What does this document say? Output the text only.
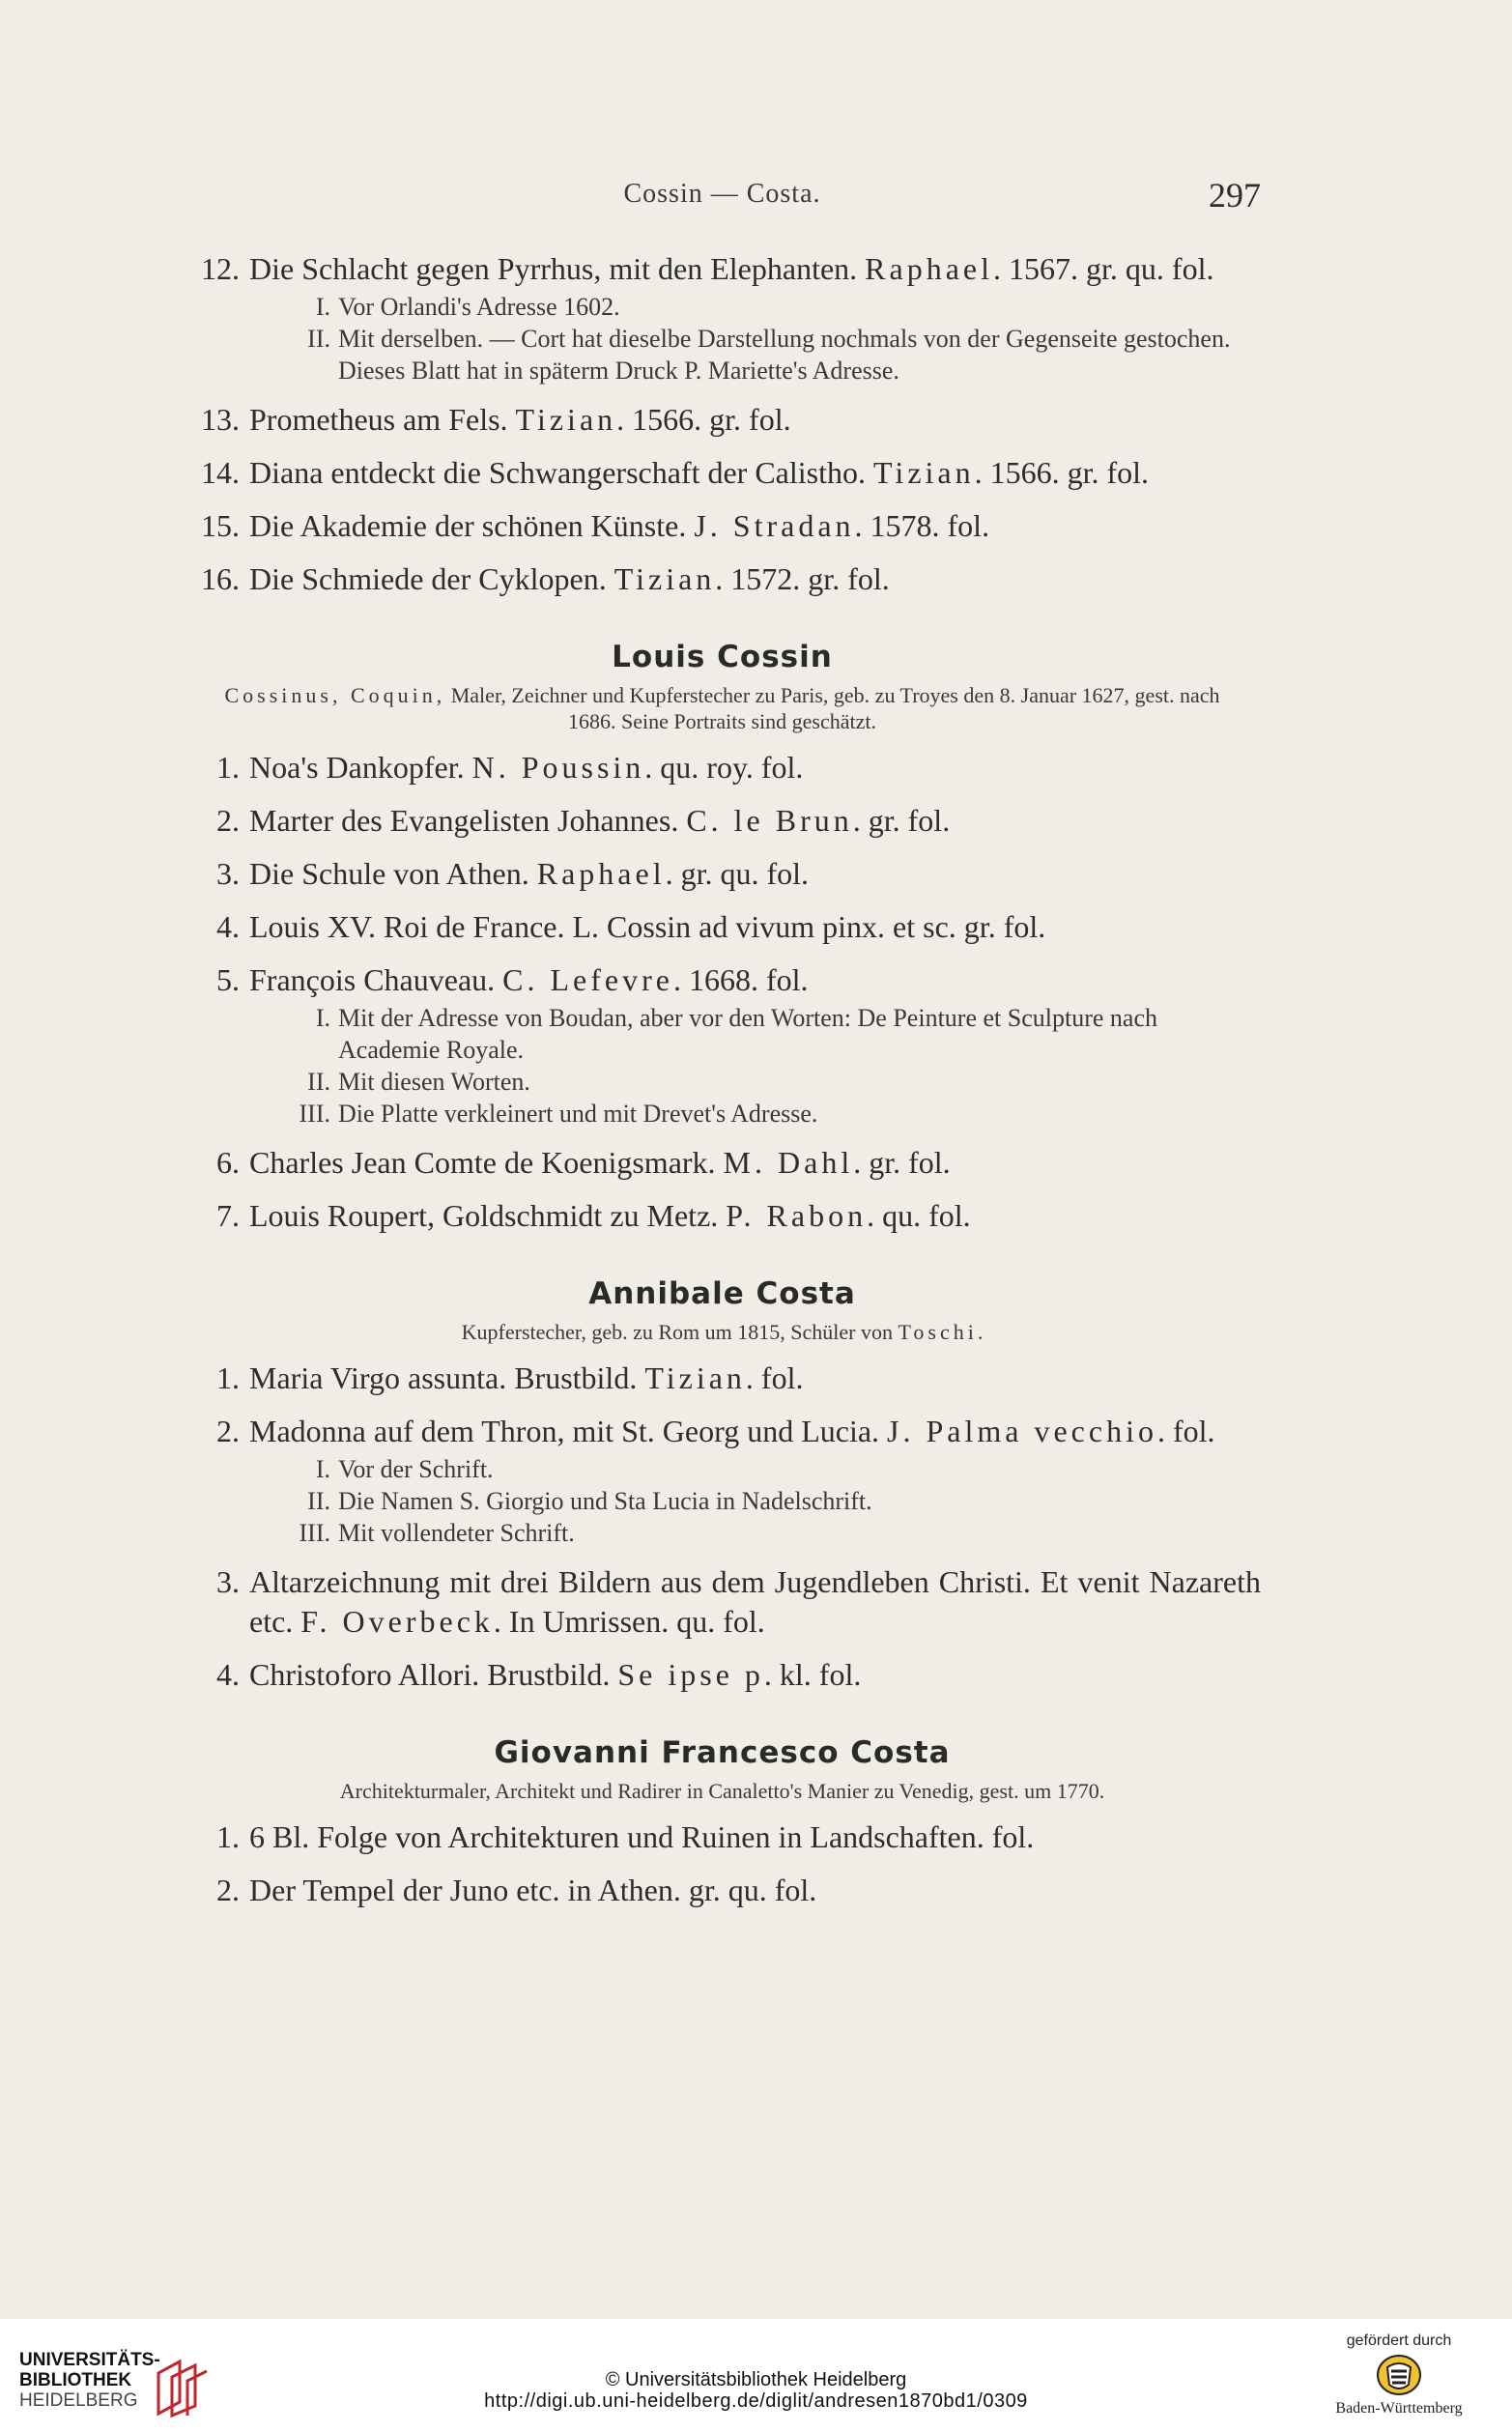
Cossin — Costa.	297
12. Die Schlacht gegen Pyrrhus, mit den Elephanten. Raphael. 1567. gr. qu. fol.
I. Vor Orlandi's Adresse 1602.
II. Mit derselben. — Cort hat dieselbe Darstellung nochmals von der Gegenseite gestochen. Dieses Blatt hat in späterm Druck P. Mariette's Adresse.
13. Prometheus am Fels. Tizian. 1566. gr. fol.
14. Diana entdeckt die Schwangerschaft der Calistho. Tizian. 1566. gr. fol.
15. Die Akademie der schönen Künste. J. Stradan. 1578. fol.
16. Die Schmiede der Cyklopen. Tizian. 1572. gr. fol.
Louis Cossin
Cossinus, Coquin, Maler, Zeichner und Kupferstecher zu Paris, geb. zu Troyes den 8. Januar 1627, gest. nach 1686. Seine Portraits sind geschätzt.
1. Noa's Dankopfer. N. Poussin. qu. roy. fol.
2. Marter des Evangelisten Johannes. C. le Brun. gr. fol.
3. Die Schule von Athen. Raphael. gr. qu. fol.
4. Louis XV. Roi de France. L. Cossin ad vivum pinx. et sc. gr. fol.
5. François Chauveau. C. Lefevre. 1668. fol.
I. Mit der Adresse von Boudan, aber vor den Worten: De Peinture et Sculpture nach Academie Royale.
II. Mit diesen Worten.
III. Die Platte verkleinert und mit Drevet's Adresse.
6. Charles Jean Comte de Koenigsmark. M. Dahl. gr. fol.
7. Louis Roupert, Goldschmidt zu Metz. P. Rabon. qu. fol.
Annibale Costa
Kupferstecher, geb. zu Rom um 1815, Schüler von Toschi.
1. Maria Virgo assunta. Brustbild. Tizian. fol.
2. Madonna auf dem Thron, mit St. Georg und Lucia. J. Palma vecchio. fol.
I. Vor der Schrift.
II. Die Namen S. Giorgio und Sta Lucia in Nadelschrift.
III. Mit vollendeter Schrift.
3. Altarzeichnung mit drei Bildern aus dem Jugendleben Christi. Et venit Nazareth etc. F. Overbeck. In Umrissen. qu. fol.
4. Christoforo Allori. Brustbild. Se ipse p. kl. fol.
Giovanni Francesco Costa
Architekturmaler, Architekt und Radirer in Canaletto's Manier zu Venedig, gest. um 1770.
1. 6 Bl. Folge von Architekturen und Ruinen in Landschaften. fol.
2. Der Tempel der Juno etc. in Athen. gr. qu. fol.
UNIVERSITÄTS-
BIBLIOTHEK
HEIDELBERG
© Universitätsbibliothek Heidelberg
http://digi.ub.uni-heidelberg.de/diglit/andresen1870bd1/0309
gefördert durch
Baden-Württemberg
